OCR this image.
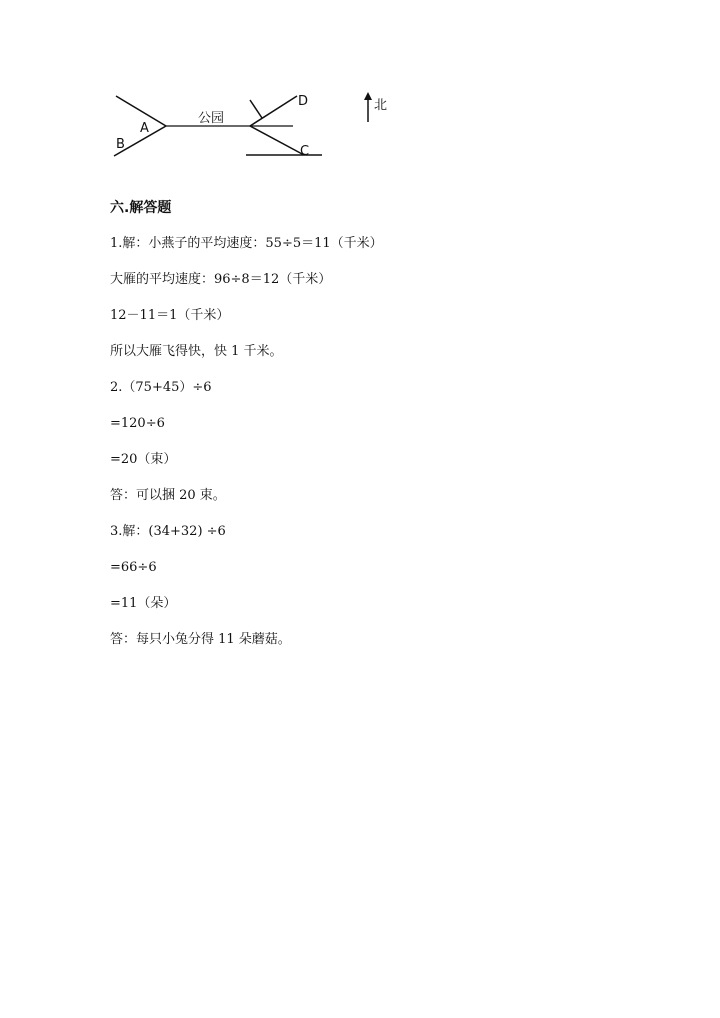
A
B
公园
D
C
北
六.解答题
1.解：小燕子的平均速度：55÷5＝11（千米）
大雁的平均速度：96÷8＝12（千米）
12－11＝1（千米）
所以大雁飞得快，快 1 千米。
2.（75+45）÷6
=120÷6
=20（束）
答：可以捆 20 束。
3.解：(34+32) ÷6
=66÷6
=11（朵）
答：每只小兔分得 11 朵蘑菇。
